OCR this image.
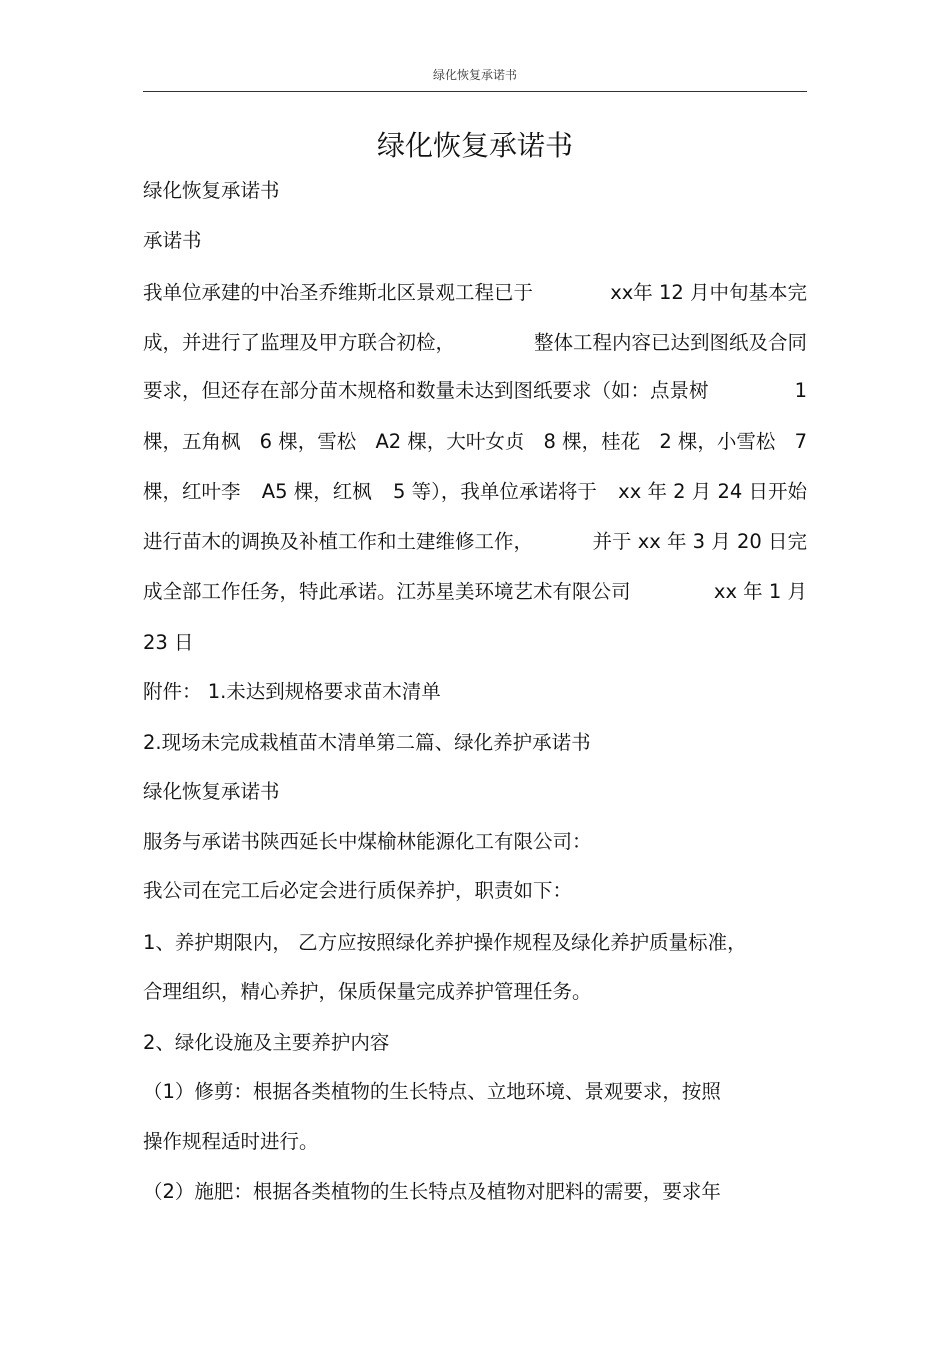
绿化恢复承诺书
绿化恢复承诺书
绿化恢复承诺书
承诺书
我单位承建的中冶圣乔维斯北区景观工程已于	xx年 12 月中旬基本完
成，并进行了监理及甲方联合初检，	整体工程内容已达到图纸及合同
要求，但还存在部分苗木规格和数量未达到图纸要求（如：点景树	1
棵，五角枫 6 棵，雪松 A2 棵，大叶女贞 8 棵，桂花 2 棵，小雪松 7
棵，红叶李 A5 棵，红枫 5 等），我单位承诺将于 xx 年 2 月 24 日开始
进行苗木的调换及补植工作和土建维修工作，	并于 xx 年 3 月 20 日完
成全部工作任务，特此承诺。江苏星美环境艺术有限公司	xx 年 1 月
23 日
附件： 1.未达到规格要求苗木清单
2.现场未完成栽植苗木清单第二篇、绿化养护承诺书
绿化恢复承诺书
服务与承诺书陕西延长中煤榆林能源化工有限公司：
我公司在完工后必定会进行质保养护，职责如下：
1、养护期限内， 乙方应按照绿化养护操作规程及绿化养护质量标准，
合理组织，精心养护，保质保量完成养护管理任务。
2、绿化设施及主要养护内容
（1）修剪：根据各类植物的生长特点、立地环境、景观要求，按照
操作规程适时进行。
（2）施肥：根据各类植物的生长特点及植物对肥料的需要，要求年
